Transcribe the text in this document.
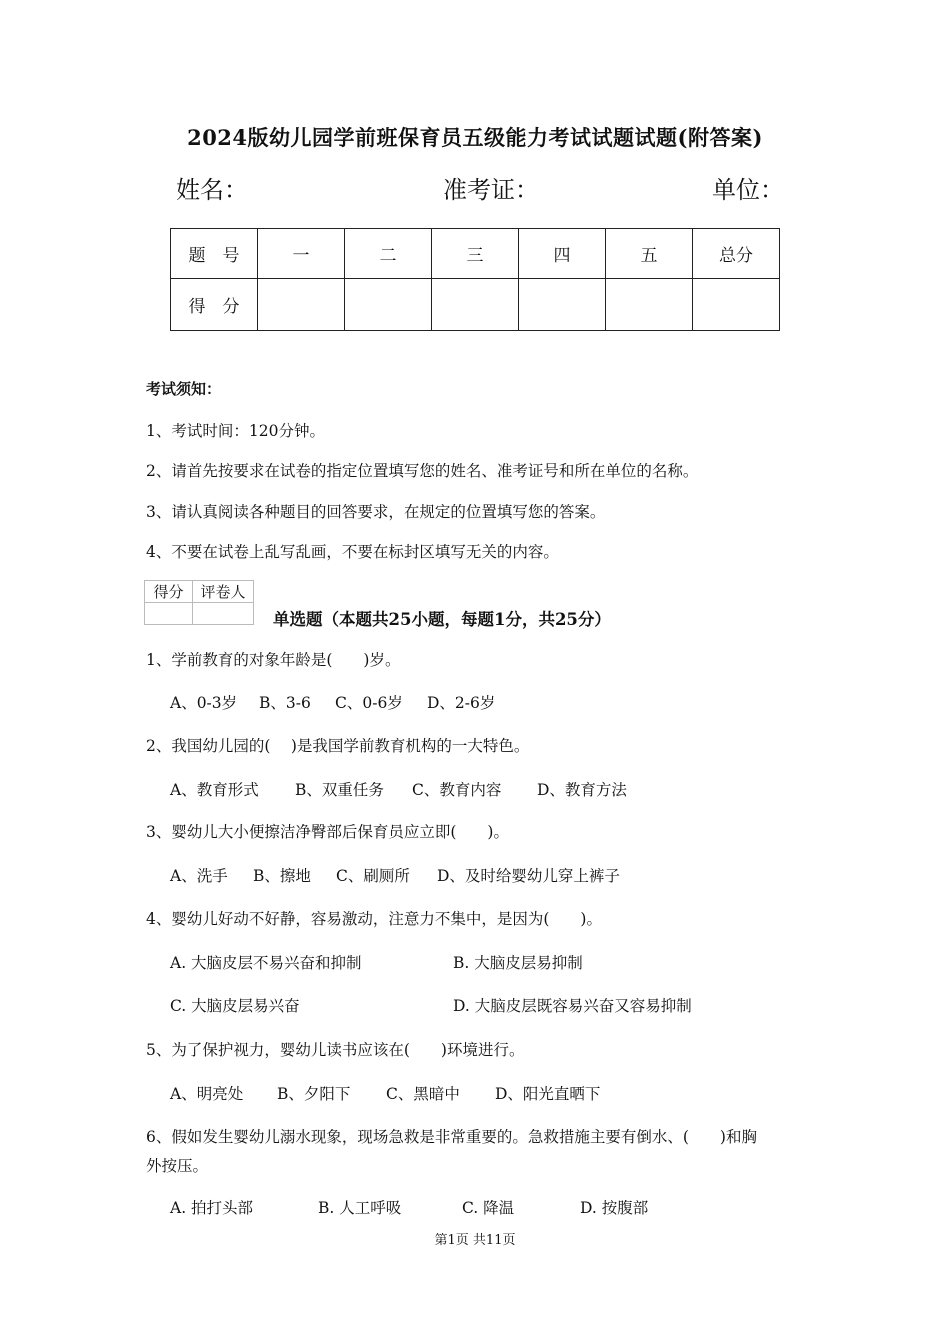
2024版幼儿园学前班保育员五级能力考试试题试题(附答案)
姓名：	准考证：	单位：
题　号	一	二	三	四	五	总分
得　分						
考试须知：
1、考试时间：120分钟。
2、请首先按要求在试卷的指定位置填写您的姓名、准考证号和所在单位的名称。
3、请认真阅读各种题目的回答要求，在规定的位置填写您的答案。
4、不要在试卷上乱写乱画，不要在标封区填写无关的内容。
得分	评卷人

单选题（本题共25小题，每题1分，共25分）
1、学前教育的对象年龄是(　　)岁。
A、0-3岁 B、3-6 C、0-6岁 D、2-6岁
2、我国幼儿园的(　 )是我国学前教育机构的一大特色。
A、教育形式 B、双重任务 C、教育内容 D、教育方法
3、婴幼儿大小便擦洁净臀部后保育员应立即(　　)。
A、洗手 B、擦地 C、刷厕所 D、及时给婴幼儿穿上裤子
4、婴幼儿好动不好静，容易激动，注意力不集中，是因为(　　)。
A. 大脑皮层不易兴奋和抑制	B. 大脑皮层易抑制
C. 大脑皮层易兴奋	D. 大脑皮层既容易兴奋又容易抑制
5、为了保护视力，婴幼儿读书应该在(　　)环境进行。
A、明亮处 B、夕阳下 C、黑暗中 D、阳光直晒下
6、假如发生婴幼儿溺水现象，现场急救是非常重要的。急救措施主要有倒水、(　　)和胸
外按压。
A. 拍打头部	B. 人工呼吸	C. 降温	D. 按腹部
第1页 共11页
